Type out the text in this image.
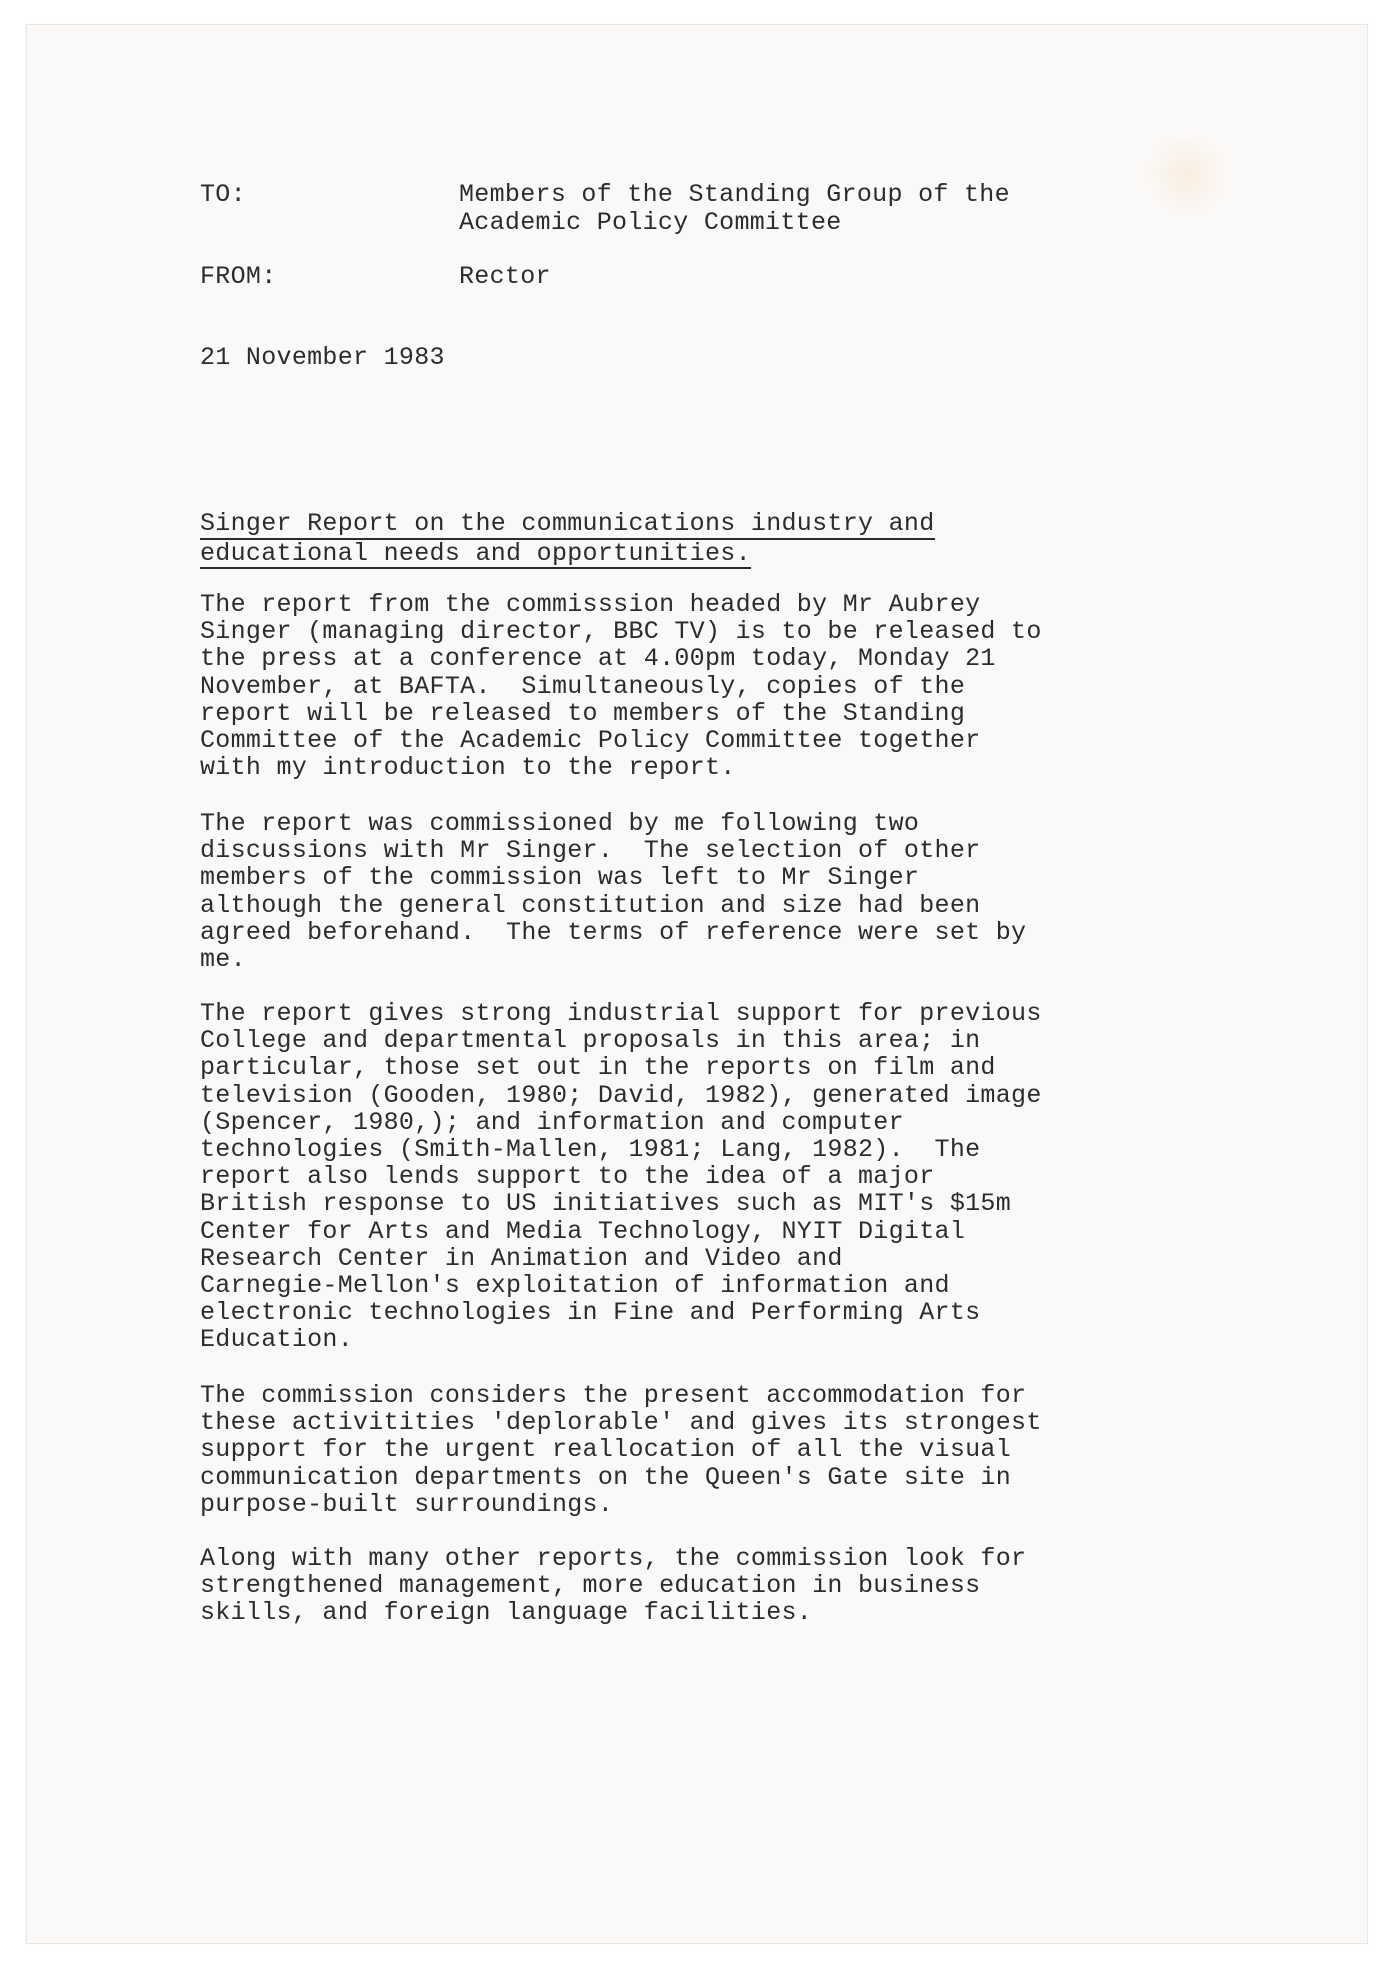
TO:	Members of the Standing Group of the
Academic Policy Committee
FROM:	Rector
21 November 1983
Singer Report on the communications industry and
educational needs and opportunities.
The report from the commisssion headed by Mr Aubrey
Singer (managing director, BBC TV) is to be released to
the press at a conference at 4.00pm today, Monday 21
November, at BAFTA.  Simultaneously, copies of the
report will be released to members of the Standing
Committee of the Academic Policy Committee together
with my introduction to the report.
The report was commissioned by me following two
discussions with Mr Singer.  The selection of other
members of the commission was left to Mr Singer
although the general constitution and size had been
agreed beforehand.  The terms of reference were set by
me.
The report gives strong industrial support for previous
College and departmental proposals in this area; in
particular, those set out in the reports on film and
television (Gooden, 1980; David, 1982), generated image
(Spencer, 1980,); and information and computer
technologies (Smith-Mallen, 1981; Lang, 1982).  The
report also lends support to the idea of a major
British response to US initiatives such as MIT's $15m
Center for Arts and Media Technology, NYIT Digital
Research Center in Animation and Video and
Carnegie-Mellon's exploitation of information and
electronic technologies in Fine and Performing Arts
Education.
The commission considers the present accommodation for
these activitities 'deplorable' and gives its strongest
support for the urgent reallocation of all the visual
communication departments on the Queen's Gate site in
purpose-built surroundings.
Along with many other reports, the commission look for
strengthened management, more education in business
skills, and foreign language facilities.
